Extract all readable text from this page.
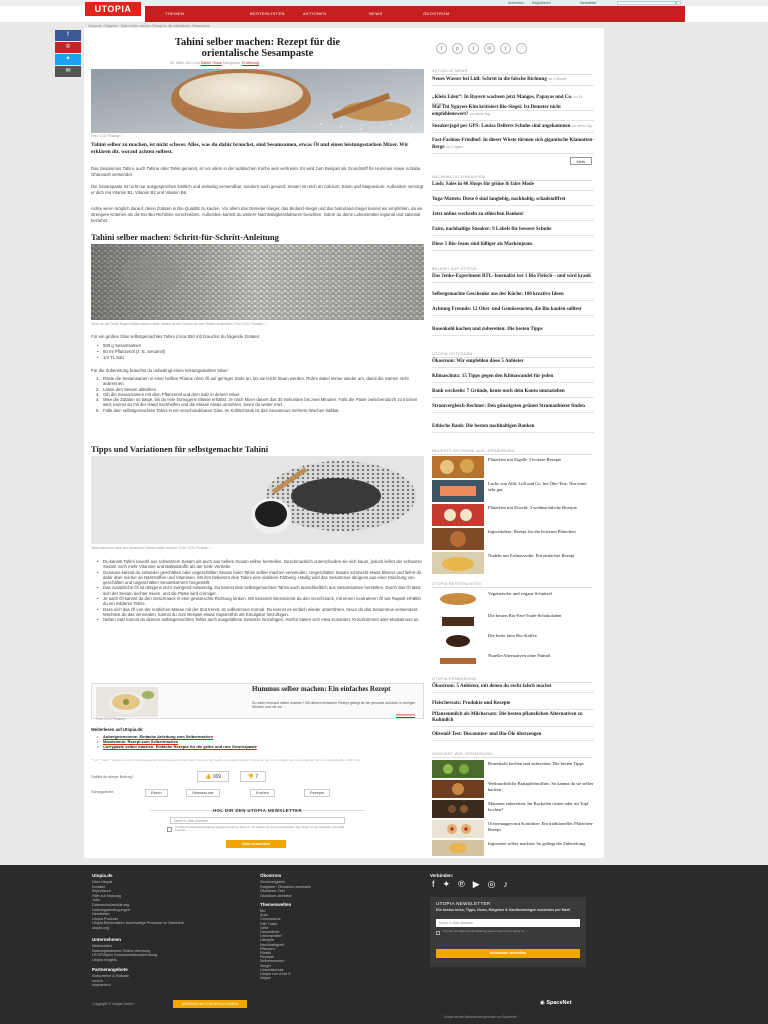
Anmelden Registrieren	Newsletter	⌕
UTOPIA	THEMEN	BESTENLISTEN	AKTIONEN	NEWS	ÖKOSTROM
Utopia.de › Ratgeber › Tahini selber machen: Rezept für die orientalische Sesampaste
f
℗
✦
✉
Tahini selber machen: Rezept für die
orientalische Sesampaste
25. März 2021 von Daniel Thoss Kategorien: Ernährung
f	p	t	✉	⇪	♡
Foto: CC0 / Pixabay / ...
Tahini selber zu machen, ist nicht schwer. Alles, was du dafür brauchst, sind Sesamsamen, etwas Öl und einen leistungsstarken Mixer. Wir erklären dir, worauf achten solltest.
Das Sesammus Tahini, auch Tahina oder Tahin genannt, ist vor allem in der arabischen Küche weit verbreitet. Es wird zum Beispiel als Grundstoff für Hummus sowie in Baba Ghanoush verwendet.
Die Sesampaste ist nicht nur ausgesprochen köstlich und vielseitig verwendbar, sondern auch gesund: Sesam ist reich an Calcium, Eisen und Magnesium. Außerdem versorgt er dich mit Vitamin B1, Vitamin B2 und Vitamin B6.
Achte wenn möglich darauf, deine Zutaten in Bio-Qualität zu kaufen. Vor allem das Demeter-Siegel, das Bioland-Siegel und das Naturland-Siegel kannst wir empfehlen, da sie strengere Kriterien als die EU-Bio-Richtlinie vorschreiben. Außerdem kannst du weitere Nachhaltigkeitsfaktoren beachten, indem du deine Lebensmittel regional und saisonal beziehst.
Tahini selber machen: Schritt-für-Schritt-Anleitung
Wenn du das Tahini länger haltbar machen willst, solltest du den Sesam vor dem Rösten einweichen. Foto: CC0 / Pixabay / ...
Für ein großes Glas selbstgemachtes Tahini (circa 550 ml) brauchst du folgende Zutaten:
• 500 g Sesamsamen
• 60 ml Pflanzenöl (z. B. Sesamöl)
• 1/4 TL Salz
Für die Zubereitung brauchst du unbedingt einen leistungsstarken Mixer:
1. Röste die Sesamsamen in einer heißen Pfanne ohne Öl auf geringer Stufe an, bis sie leicht braun werden. Rühre dabei immer wieder um, damit die Samen nicht anbrennen.
2. Lasse den Sesam abkühlen.
3. Gib die Sesamsamen mit dem Pflanzenöl und dem Salz in deinen Mixer.
4. Mixe die Zutaten so lange, bis du eine homogene Masse erhältst. Je nach Mixer dauert das 30 Sekunden bis zwei Minuten. Falls die Paste zwischendurch zu trocken wird, kannst du mit der Hand nachhelfen und die Masse etwas umrühren, bevor du weiter mixt.
5. Fülle dein selbstgemachtes Tahini in ein verschraubbares Glas. Im Kühlschrank ist das Sesammus mehrere Wochen haltbar.
Tipps und Variationen für selbstgemachte Tahini
Tahini kannst du auch aus schwarzem Sesam selber machen. Foto: CC0 / Pixabay / ...
• Du kannst Tahini sowohl aus schwarzem Sesam als auch aus hellem Sesam selber herstellen. Geschmacklich unterscheiden sie sich kaum, jedoch liefert der schwarze Sesam noch mehr Vitamine und Ballaststoffe als der helle Vertreter.
• Genauso kannst du entweder geschälten oder ungeschälten Sesam beim Tahini selber machen verwenden. Ungeschälter Sesam schmeckt etwas bitterer und liefert dir dafür aber reicher an Nährstoffen und Vitaminen. Mit ihm bekommt dein Tahini eine dunklere Färbung. Häufig wird das Sesammus übrigens aus einer Mischung von geschälten und ungeschälten Sesamkörnern hergestellt.
• Das zusätzliche Öl ist übrigens nicht zwingend notwendig. Du kannst dein selbstgemachtes Tahini auch ausschließlich aus Sesamsamen herstellen. Durch das Öl lässt sich der Sesam leichter mixen, und die Paste wird cremiger.
• Je nach Öl kannst du den Geschmack in eine gewünschte Richtung lenken. Mit Sesamöl intensivierst du den Geschmack, mit einem neutraleren Öl wie Rapsöl erhältst du ein milderes Tahini.
• Dass sich das Öl von der restlichen Masse mit der Zeit trennt, ist vollkommen normal. Du kannst es einfach wieder unterrühren, bevor du das Sesammus verwendest. Möchtest du das vermeiden, kannst du zum Beispiel etwas Sojalecithin als Emulgator hinzufügen.
• Neben Salz kannst du deinem selbstgemachten Tahini auch ausgefallene Gewürze hinzufügen. Hierfür bieten sich etwa Koriander, Kreuzkümmel oder Muskatnuss an.
Foto: CC0 / Pixabay / ...
Hummus selber machen: Ein einfaches Rezept
Du willst Hummus selber machen? Mit diesem einfachen Rezept gelingt dir der gesunde Aufstrich in wenigen Minuten und mit nur ...
Weiterlesen
Weiterlesen auf Utopia.de:
• Auberginencreme: Einfache Anleitung zum Selbermachen
• Mandelmus: Rezept zum Selbermachen
• Currypaste selber machen: Einfache Rezepte für die gelbe und rote Gewürzpaste
** mit ** oder ** markierte Links zu Bezugsquellen sind teilweise Partner-Links: Wenn du hier kaufst, unterstützt du aktiv Utopia.de, denn wir erhalten dann einen kleinen Teil vom Verkaufserlös. Mehr Infos.
Gefällt dir dieser Beitrag?	👍 169	👎 7
Schlagwörter:	Essen	Gewusst wie	Kochen	Rezepte
HOL DIR DEN UTOPIA NEWSLETTER
Deine E-Mail-Adresse
Ich habe die Datenschutzerklärung gelesen und stimme dieser zu. Ich erkläre mich damit einverstanden, dass Utopia mir den Newsletter per E-Mail zuschickt.
Jetzt anmelden!
AKTUELLE NEWS
Neues Wasser bei Lidl: Schritt in die falsche Richtung vor 1 Stunde
„Klein Eden“: In Bayern wachsen jetzt Mangos, Papayas und Co. vor 13 Stunden
Mal Thi Nguyen-Kim kritisiert Bio-Siegel: Ist Demeter nicht empfehlenswert? vor einem Tag
Sneakerjagd per GPS: Louisa Dellerts Schuhe sind angekommen vor einem Tag
Fast-Fashion-Friedhof: In dieser Wüste türmen sich gigantische Klamotten-Berge vor 2 Tagen
Mehr
NACHHALTIG EINKAUFEN
Lush: Sales in 40 Shops für grüne & faire Mode
Yoga-Matten: Diese 6 sind langlebig, nachhaltig, schadstofffrei
Jetzt online wechseln zu ethischen Banken!
Faire, nachhaltige Sneaker: 9 Labels für bessere Schuhe
Diese 5 Bio-Jeans sind billiger als Markenjeans
BELIEBT AUF UTOPIA
Das Jenke-Experiment RTL-Journalist isst 1 Bio Fleisch – und wird krank
Selbstgemachte Geschenke aus der Küche: 100 kreative Ideen
Achtung Freunde: 12 Obst- und Gemüsesorten, die Bio kaufen solltest
Rosenkohl kochen und zubereiten: Die besten Tipps
UTOPIA LEITFÄDEN
Ökostrom: Wir empfehlen diese 5 Anbieter
Klimaschutz: 15 Tipps gegen den Klimawandel für jeden
Bank wechseln: 7 Gründe, heute noch dein Konto umzuziehen
Stromvergleich-Rechner: Den günstigsten grünen Stromanbieter finden
Ethische Bank: Die besten nachhaltigen Banken
NEUESTE BEITRÄGE AUS: ERNÄHRUNG
Plätzchen mit Eigelb: 3 leckere Rezepte
Lachs von Aldi, Lidl und Co. bei Öko-Test: Nur einer sehr gut
Plätzchen mit Eiweiß: 3 weihnachtliche Rezepte
Ingwerkekse: Rezept für die leckeren Plätzchen
Nudeln mit Erdnusssoße: Ein einfaches Rezept
UTOPIA BESTENLISTEN
Vegetarische und vegane Schnitzel
Die besten Bio-Fair-Trade-Schokoladen
Der beste faire Bio-Kaffee
Nutella-Alternativen ohne Palmöl
UTOPIA ERNÄHRUNG
Ökostrom: 5 Anbieter, mit denen du recht falsch machst
Fleischersatz: Produkte und Rezepte
Pflanzenmilch als Milchersatz: Die besten pflanzlichen Alternativen zu Kuhmilch
Olivenöl-Test: Discounter- und Bio-Öle überzeugen
GEWUSST WIE: ERNÄHRUNG
Rosenkohl kochen und zubereiten: Die besten Tipps
Weihnachtliche Bratapfelmuffins: So kannst du sie selber backen
Maronen zubereiten: Im Backofen rösten oder im Topf kochen?
Ochsenaugen mit Konfitüre: Ein traditionelles Plätzchen-Rezept
Ingwertee selber machen: So gelingt die Zubereitung
Utopia.de
Über Utopia
Kontakt
Impressum
Hilfe zur Nutzung
Jobs
Datenschutzerklärung
Nutzungsbedingungen
Newsletter
Utopia Podcast
Utopia Bestenlisten Nachhaltige Produkte im Überblick
utopia.org
Unternehmen
Mediadaten
Nutzungsbasierte Online-Werbung
UTOPIAplus Kommunikationsberatung
Utopia Insights
Partnerangebote
Gutscheine & Rabatte
enorm
utopiamind
Ökostrom
Stromvergleich
Ratgeber: Ökostrom wechseln
Ökostrom-Test
Ökostrom-Anbieter
Themenwelten
Bio
Auto
Coronavirus
Fair Trade
Geld
Gesundheit
Lebensmittel
Lifestyle
Nachhaltigkeit
Pflanzen
Plastik
Rezepte
Selbermachen
Siegel
Umweltschutz
Utopia von A bis Z
Vegan
Verbinden:
f✦℗▶◎♪
UTOPIA NEWSLETTER
Die besten Infos, Tipps, News, Ratgeber & Kaufberatungen kostenlos per Mail!
Deine E-Mail-Adresse
Ich habe die Datenschutzerklärung gelesen und stimme dieser zu.
Newsletter bestellen
Copyright © Utopia GmbH	DATENSCHUTZ-EINSTELLUNGEN	◉ SpaceNet
Utopia.de wird klimaneutral gehostet von SpaceNet
